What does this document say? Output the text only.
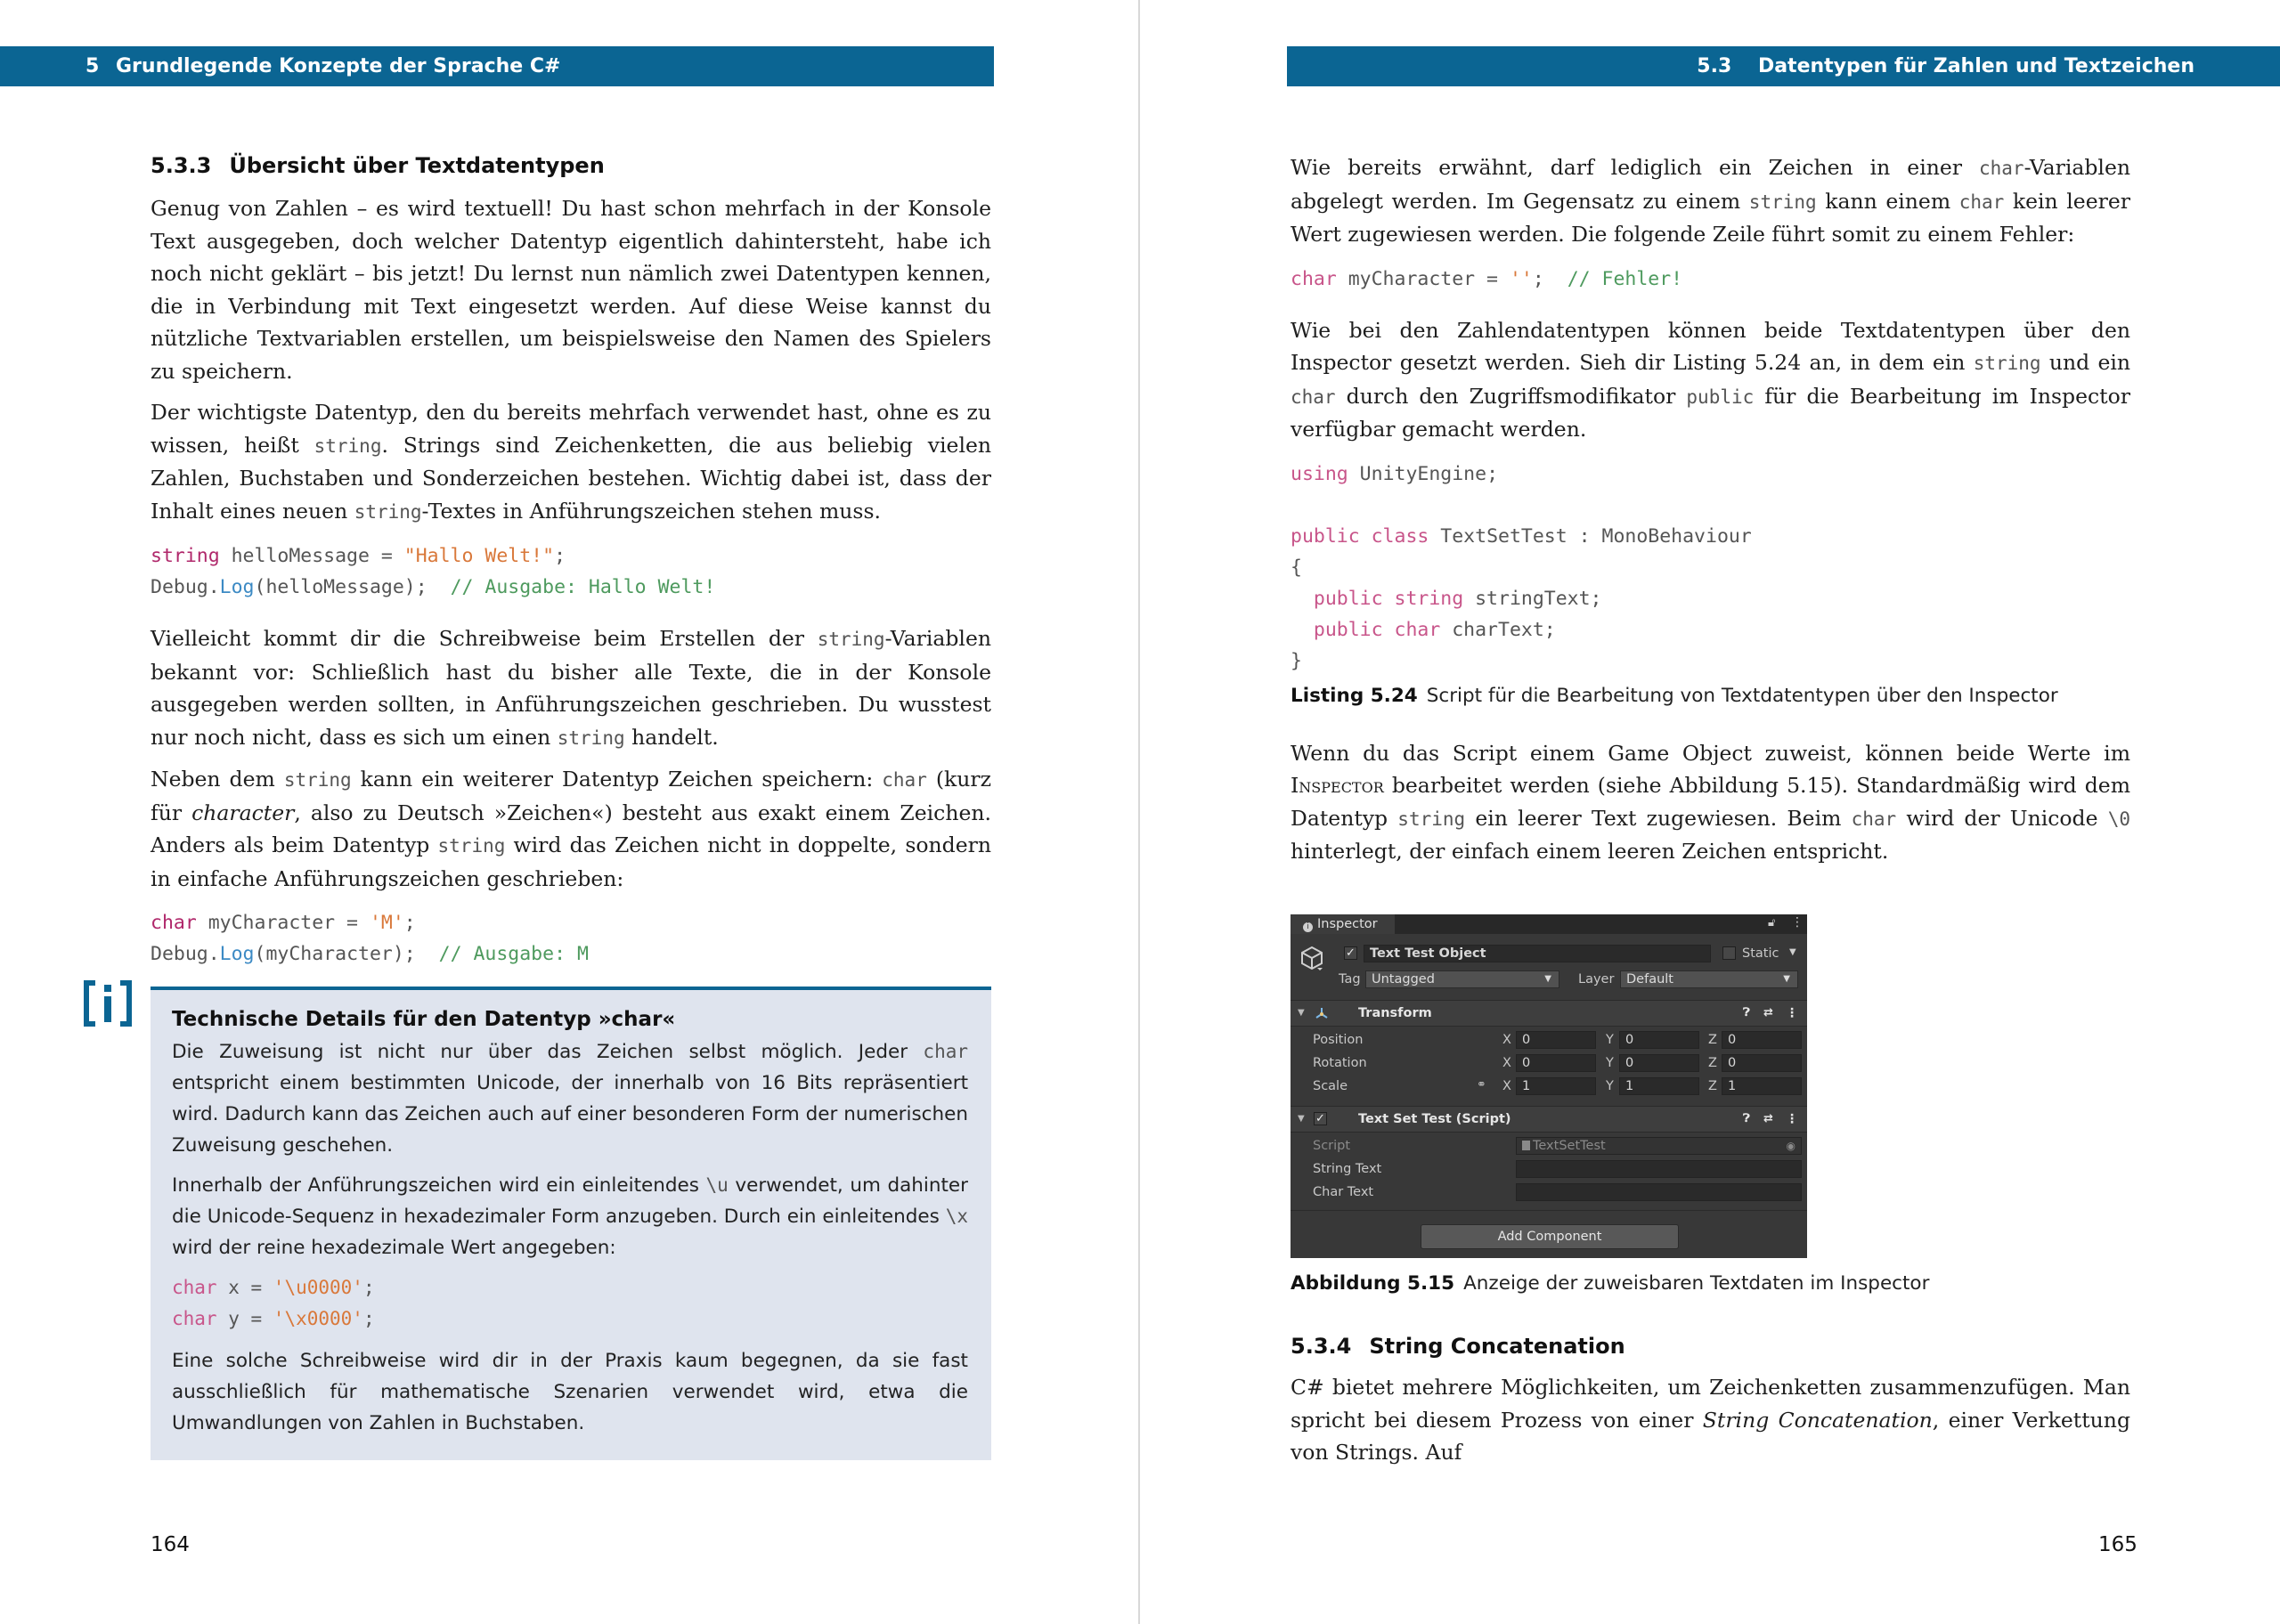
5 Grundlegende Konzepte der Sprache C#	5.3 Datentypen für Zahlen und Textzeichen
5.3.3 Übersicht über Textdatentypen

Genug von Zahlen – es wird textuell! Du hast schon mehrfach in der Konsole Text ausgegeben, doch welcher Datentyp eigentlich dahintersteht, habe ich noch nicht geklärt – bis jetzt! Du lernst nun nämlich zwei Datentypen kennen, die in Verbindung mit Text eingesetzt werden. Auf diese Weise kannst du nützliche Textvariablen erstellen, um beispielsweise den Namen des Spielers zu speichern.

Der wichtigste Datentyp, den du bereits mehrfach verwendet hast, ohne es zu wissen, heißt string. Strings sind Zeichenketten, die aus beliebig vielen Zahlen, Buchstaben und Sonderzeichen bestehen. Wichtig dabei ist, dass der Inhalt eines neuen string-Textes in Anführungszeichen stehen muss.

string helloMessage = "Hallo Welt!";
Debug.Log(helloMessage);  // Ausgabe: Hallo Welt!

Vielleicht kommt dir die Schreibweise beim Erstellen der string-Variablen bekannt vor: Schließlich hast du bisher alle Texte, die in der Konsole ausgegeben werden sollten, in Anführungszeichen geschrieben. Du wusstest nur noch nicht, dass es sich um einen string handelt.

Neben dem string kann ein weiterer Datentyp Zeichen speichern: char (kurz für character, also zu Deutsch »Zeichen«) besteht aus exakt einem Zeichen. Anders als beim Datentyp string wird das Zeichen nicht in doppelte, sondern in einfache Anführungszeichen geschrieben:

char myCharacter = 'M';
Debug.Log(myCharacter);  // Ausgabe: M
Technische Details für den Datentyp »char«

Die Zuweisung ist nicht nur über das Zeichen selbst möglich. Jeder char entspricht einem bestimmten Unicode, der innerhalb von 16 Bits repräsentiert wird. Dadurch kann das Zeichen auch auf einer besonderen Form der numerischen Zuweisung geschehen.

Innerhalb der Anführungszeichen wird ein einleitendes \u verwendet, um dahinter die Unicode-Sequenz in hexadezimaler Form anzugeben. Durch ein einleitendes \x wird der reine hexadezimale Wert angegeben:

char x = '\u0000';
char y = '\x0000';

Eine solche Schreibweise wird dir in der Praxis kaum begegnen, da sie fast ausschließlich für mathematische Szenarien verwendet wird, etwa die Umwandlungen von Zahlen in Buchstaben.

164

Wie bereits erwähnt, darf lediglich ein Zeichen in einer char-Variablen abgelegt werden. Im Gegensatz zu einem string kann einem char kein leerer Wert zugewiesen werden. Die folgende Zeile führt somit zu einem Fehler:

char myCharacter = '';  // Fehler!

Wie bei den Zahlendatentypen können beide Textdatentypen über den Inspector gesetzt werden. Sieh dir Listing 5.24 an, in dem ein string und ein char durch den Zugriffsmodifikator public für die Bearbeitung im Inspector verfügbar gemacht werden.

using UnityEngine;

public class TextSetTest : MonoBehaviour
{
public string stringText;
public char charText;
}

Listing 5.24 Script für die Bearbeitung von Textdatentypen über den Inspector

Wenn du das Script einem Game Object zuweist, können beide Werte im Inspector bearbeitet werden (siehe Abbildung 5.15). Standardmäßig wird dem Datentyp string ein leerer Text zugewiesen. Beim char wird der Unicode \0 hinterlegt, der einfach einem leeren Zeichen entspricht.

i Inspector	🔓︎ ⋮
✓	Text Test Object	Static ▼
Tag Untagged	▼ Layer Default	▼
▼	Transform	❓︎ ⇄ ⋮
Position	X 0	Y 0	Z 0
Rotation	X 0	Y 0	Z 0
Scale	⚭ X 1	Y 1	Z 1
▼ ✓	Text Set Test (Script)	❓︎ ⇄ ⋮
Script	TextSetTest	◉
String Text
Char Text
Add Component

Abbildung 5.15 Anzeige der zuweisbaren Textdaten im Inspector

5.3.4 String Concatenation

C# bietet mehrere Möglichkeiten, um Zeichenketten zusammenzufügen. Man spricht bei diesem Prozess von einer String Concatenation, einer Verkettung von Strings. Auf

165
